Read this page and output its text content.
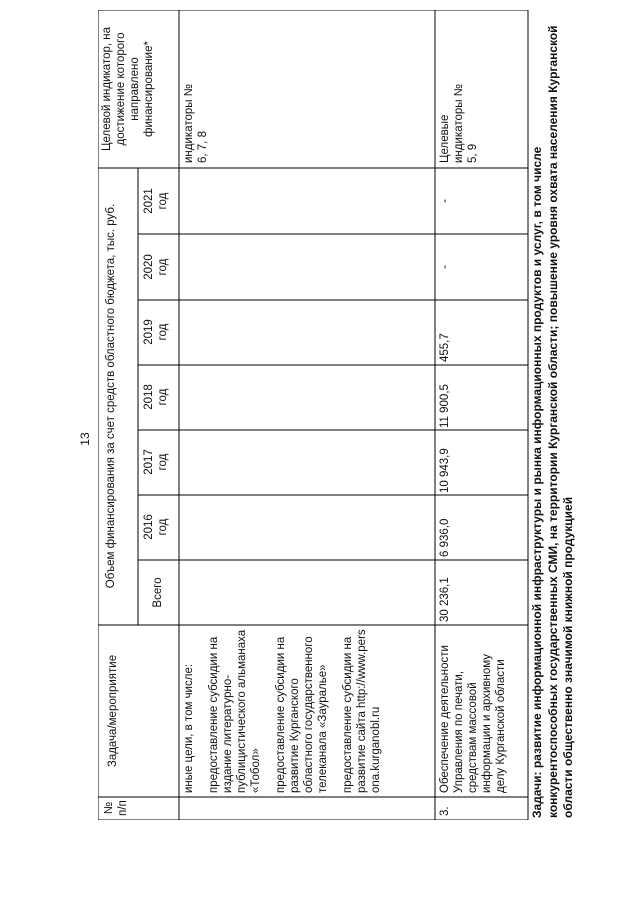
13
№ п/п
Задача/мероприятие
Объем финансирования за счет средств областного бюджета, тыс. руб.
Всего
2016 год
2017 год
2018 год
2019 год
2020 год
2021 год
Целевой индикатор, на достижение которого направлено финансирование*
иные цели, в том числе: предоставление субсидии на издание литературно-публицистического альманаха «Тобол» предоставление субсидии на развитие Курганского областного государственного телеканала «Зауралье» предоставление субсидии на развитие сайта http://www.persona.kurganobl.ru
индикаторы № 6, 7, 8
3.
Обеспечение деятельности Управления по печати, средствам массовой информации и архивному делу Курганской области
30 236,1
6 936,0
10 943,9
11 900,5
455,7
-
-
Целевые индикаторы № 5, 9	Задачи: развитие информационной инфраструктуры и рынка информационных продуктов и услуг, в том числе конкурентоспособных государственных СМИ, на территории Курганской области; повышение уровня охвата населения Курганской области общественно значимой книжной продукцией
